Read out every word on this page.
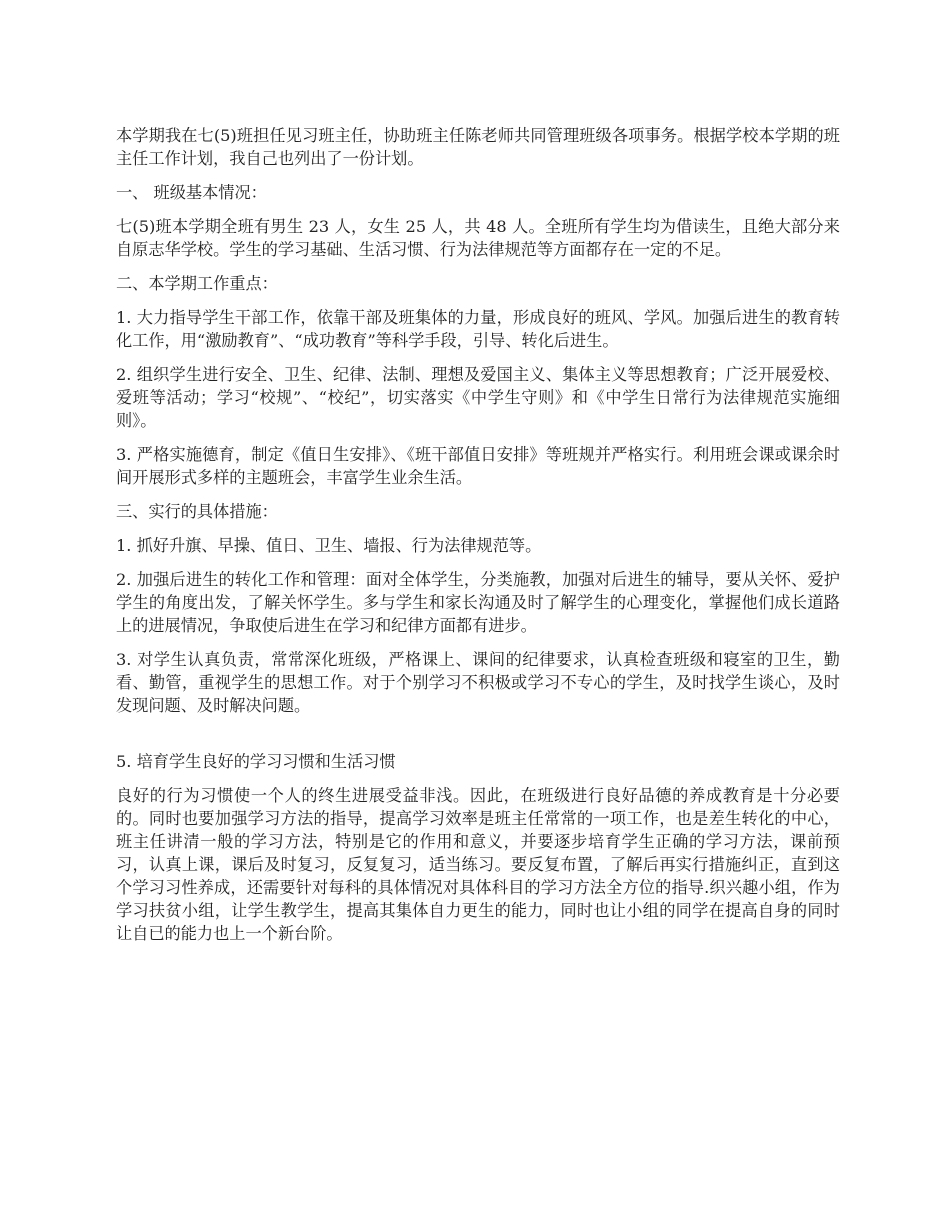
本学期我在七(5)班担任见习班主任，协助班主任陈老师共同管理班级各项事务。根据学校本学期的班主任工作计划，我自己也列出了一份计划。

一、 班级基本情况：

七(5)班本学期全班有男生 23 人，女生 25 人，共 48 人。全班所有学生均为借读生，且绝大部分来自原志华学校。学生的学习基础、生活习惯、行为法律规范等方面都存在一定的不足。

二、本学期工作重点：

1. 大力指导学生干部工作，依靠干部及班集体的力量，形成良好的班风、学风。加强后进生的教育转化工作，用“激励教育”、“成功教育”等科学手段，引导、转化后进生。

2. 组织学生进行安全、卫生、纪律、法制、理想及爱国主义、集体主义等思想教育；广泛开展爱校、爱班等活动；学习“校规”、“校纪”，切实落实《中学生守则》和《中学生日常行为法律规范实施细则》。

3. 严格实施德育，制定《值日生安排》、《班干部值日安排》等班规并严格实行。利用班会课或课余时间开展形式多样的主题班会，丰富学生业余生活。

三、实行的具体措施：

1. 抓好升旗、早操、值日、卫生、墙报、行为法律规范等。

2. 加强后进生的转化工作和管理：面对全体学生，分类施教，加强对后进生的辅导，要从关怀、爱护学生的角度出发，了解关怀学生。多与学生和家长沟通及时了解学生的心理变化，掌握他们成长道路上的进展情况，争取使后进生在学习和纪律方面都有进步。

3. 对学生认真负责，常常深化班级，严格课上、课间的纪律要求，认真检查班级和寝室的卫生，勤看、勤管，重视学生的思想工作。对于个别学习不积极或学习不专心的学生，及时找学生谈心，及时发现问题、及时解决问题。

5. 培育学生良好的学习习惯和生活习惯

良好的行为习惯使一个人的终生进展受益非浅。因此，在班级进行良好品德的养成教育是十分必要的。同时也要加强学习方法的指导，提高学习效率是班主任常常的一项工作，也是差生转化的中心，班主任讲清一般的学习方法，特别是它的作用和意义，并要逐步培育学生正确的学习方法，课前预习，认真上课，课后及时复习，反复复习，适当练习。要反复布置，了解后再实行措施纠正，直到这个学习习性养成，还需要针对每科的具体情况对具体科目的学习方法全方位的指导.织兴趣小组，作为学习扶贫小组，让学生教学生，提高其集体自力更生的能力，同时也让小组的同学在提高自身的同时让自已的能力也上一个新台阶。
